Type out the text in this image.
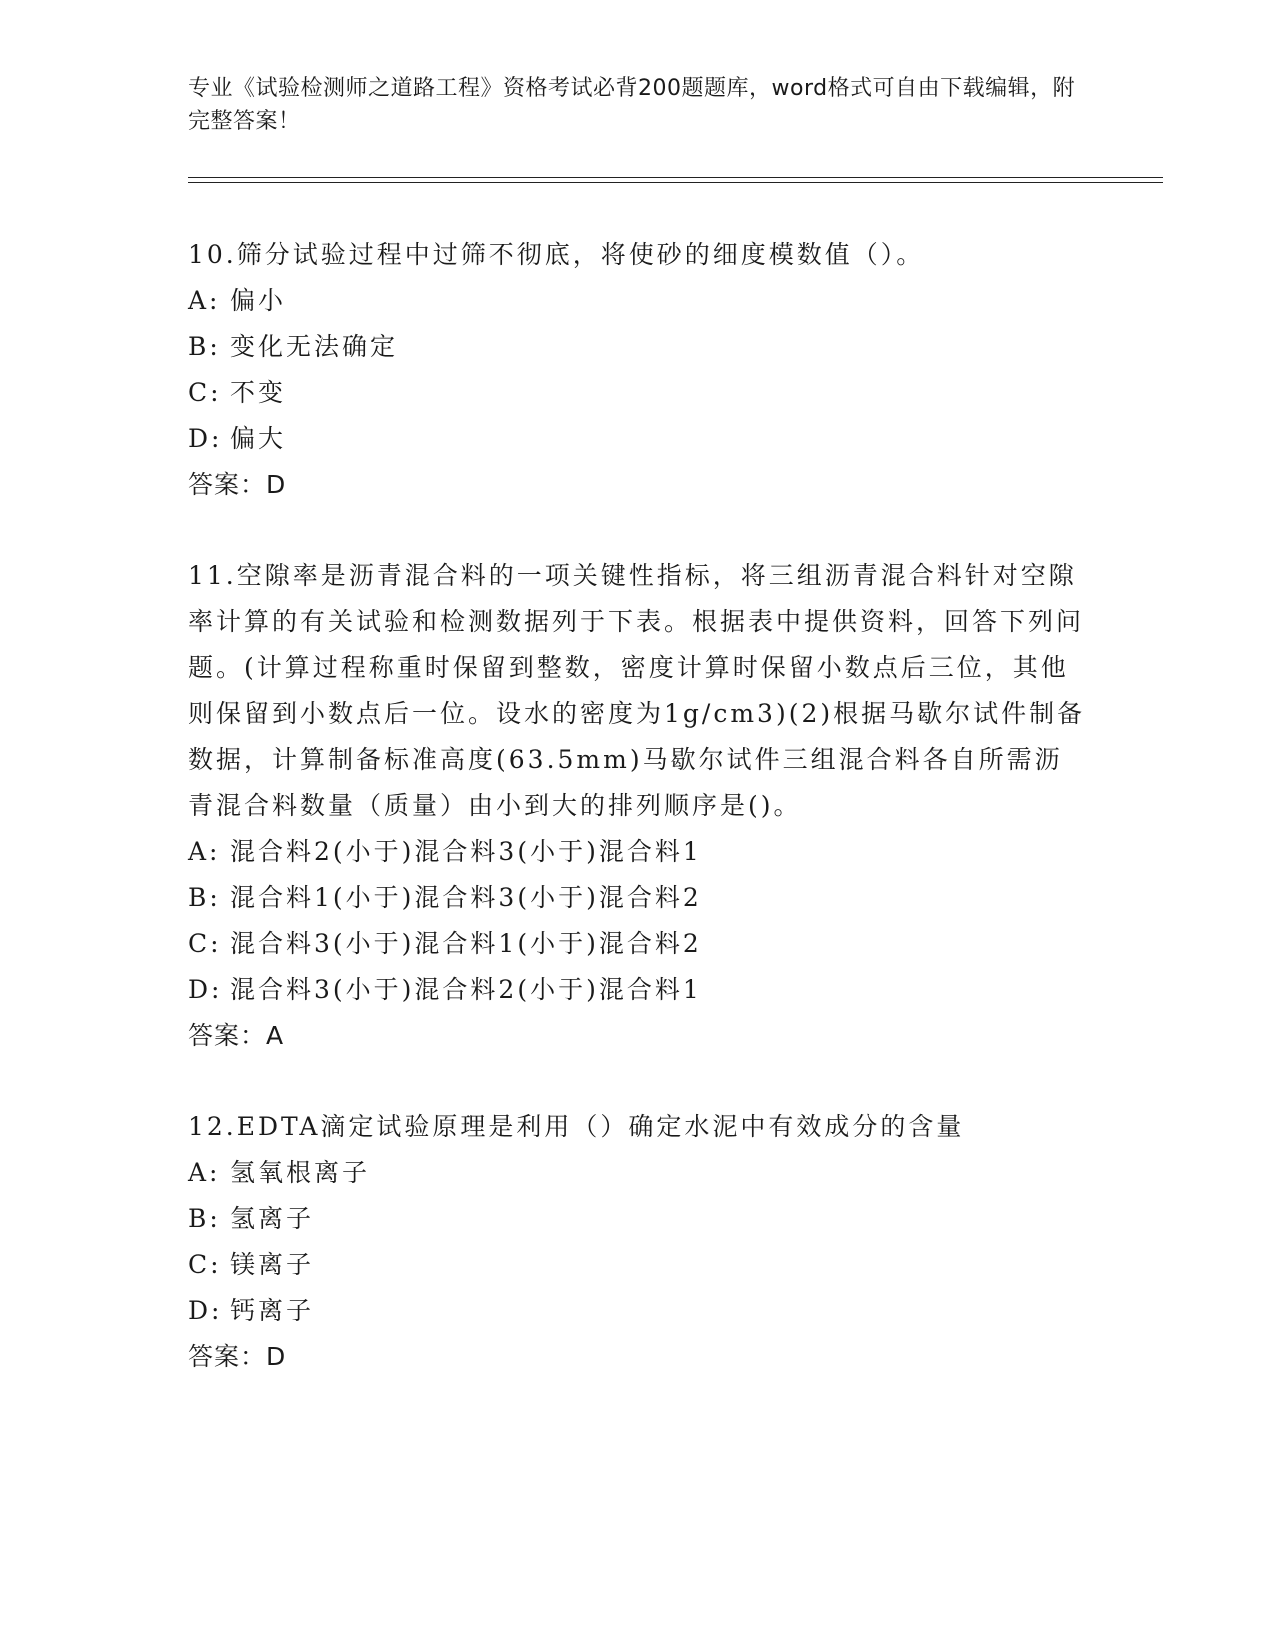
专业《试验检测师之道路工程》资格考试必背200题题库，word格式可自由下载编辑，附完整答案！
10.筛分试验过程中过筛不彻底，将使砂的细度模数值（）。
A: 偏小
B: 变化无法确定
C: 不变
D: 偏大
答案：D
11.空隙率是沥青混合料的一项关键性指标，将三组沥青混合料针对空隙率计算的有关试验和检测数据列于下表。根据表中提供资料，回答下列问题。(计算过程称重时保留到整数，密度计算时保留小数点后三位，其他则保留到小数点后一位。设水的密度为1g/cm3)(2)根据马歇尔试件制备数据，计算制备标准高度(63.5mm)马歇尔试件三组混合料各自所需沥青混合料数量（质量）由小到大的排列顺序是()。
A: 混合料2(小于)混合料3(小于)混合料1
B: 混合料1(小于)混合料3(小于)混合料2
C: 混合料3(小于)混合料1(小于)混合料2
D: 混合料3(小于)混合料2(小于)混合料1
答案：A
12.EDTA滴定试验原理是利用（）确定水泥中有效成分的含量
A: 氢氧根离子
B: 氢离子
C: 镁离子
D: 钙离子
答案：D
